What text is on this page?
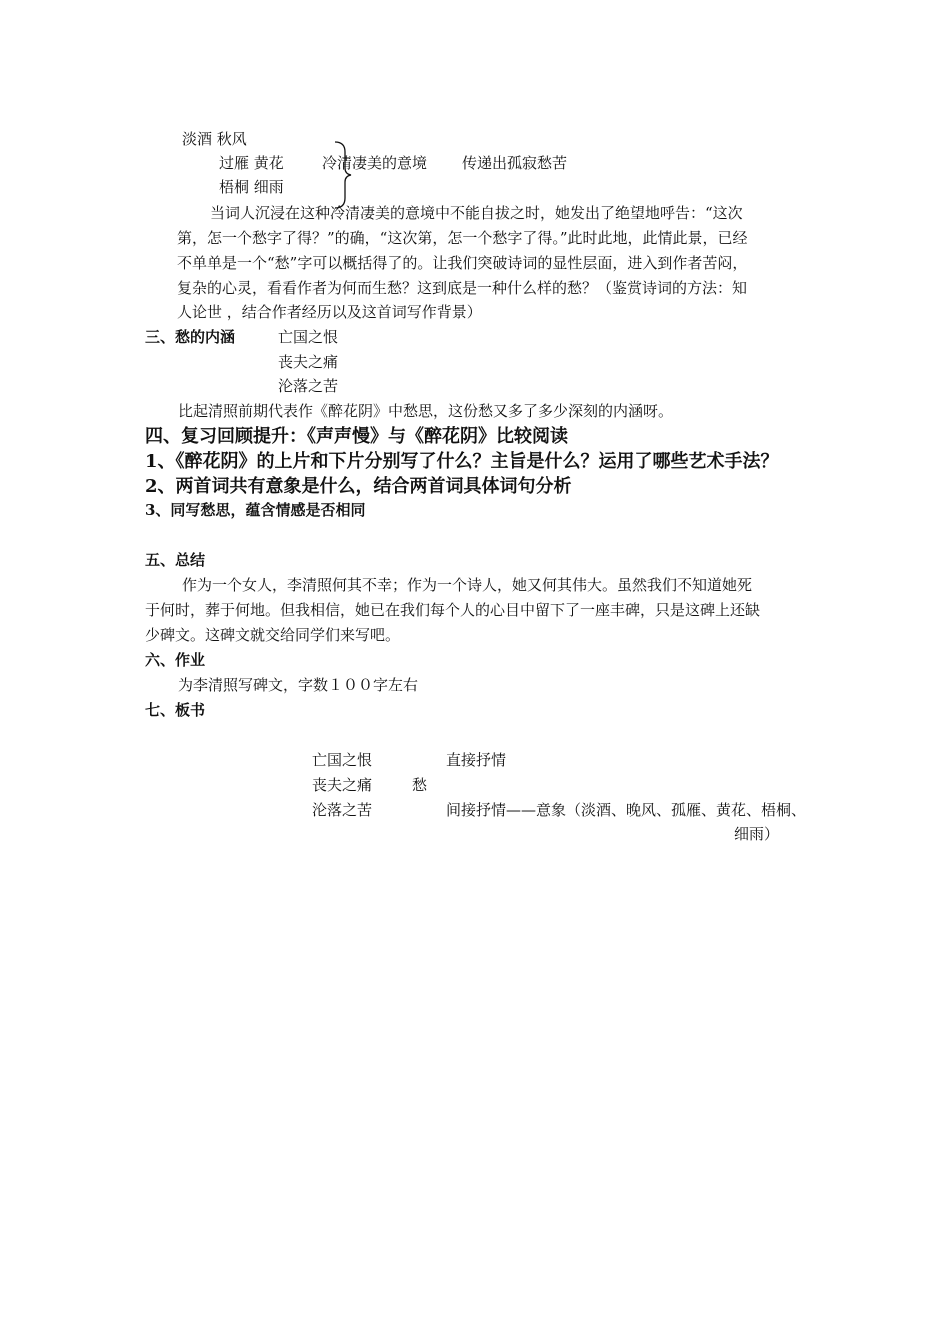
淡酒 秋风
过雁 黄花	冷清凄美的意境 传递出孤寂愁苦
梧桐 细雨
当词人沉浸在这种冷清凄美的意境中不能自拔之时，她发出了绝望地呼告：“这次
第，怎一个愁字了得？”的确，“这次第，怎一个愁字了得。”此时此地，此情此景，已经
不单单是一个“愁”字可以概括得了的。让我们突破诗词的显性层面，进入到作者苦闷，
复杂的心灵，看看作者为何而生愁？这到底是一种什么样的愁？（鉴赏诗词的方法：知
人论世 ，结合作者经历以及这首词写作背景）
三、愁的内涵	亡国之恨
丧夫之痛
沦落之苦
比起清照前期代表作《醉花阴》中愁思，这份愁又多了多少深刻的内涵呀。
四、复习回顾提升：《声声慢》与《醉花阴》比较阅读
1、《醉花阴》的上片和下片分别写了什么？主旨是什么？运用了哪些艺术手法？
2、两首词共有意象是什么，结合两首词具体词句分析
3、同写愁思，蕴含情感是否相同
五、总结
作为一个女人，李清照何其不幸；作为一个诗人，她又何其伟大。虽然我们不知道她死
于何时，葬于何地。但我相信，她已在我们每个人的心目中留下了一座丰碑，只是这碑上还缺
少碑文。这碑文就交给同学们来写吧。
六、作业
为李清照写碑文，字数１００字左右
七、板书
亡国之恨
丧夫之痛
沦落之苦
愁
直接抒情
间接抒情——意象（淡酒、晚风、孤雁、黄花、梧桐、
细雨）
